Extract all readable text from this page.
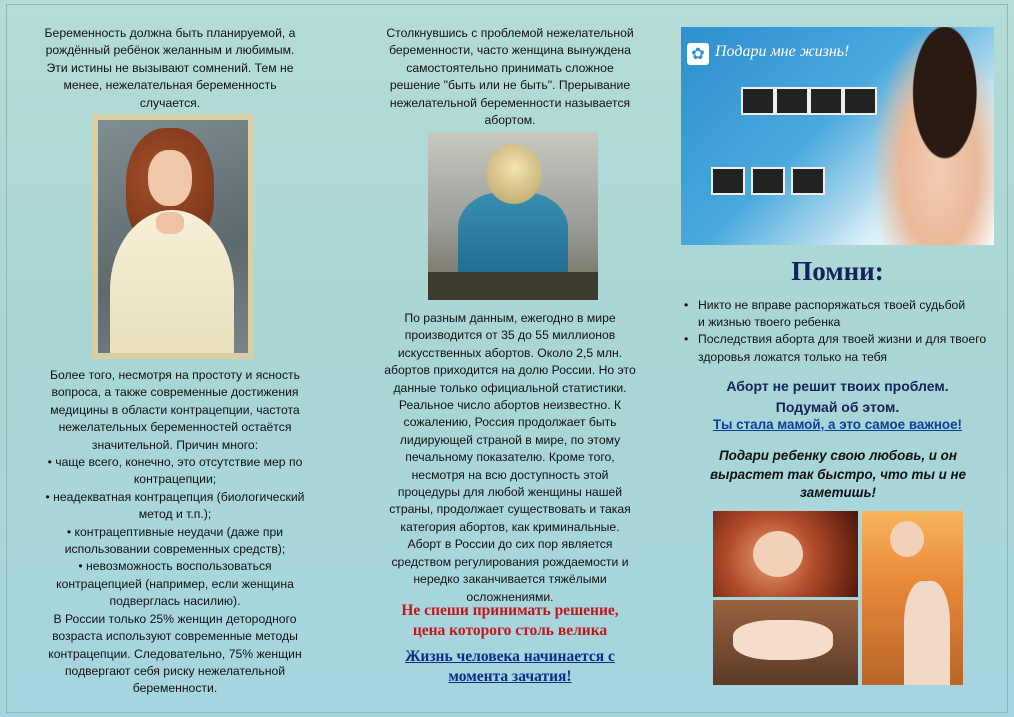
Беременность должна быть планируемой, а
рождённый ребёнок желанным и любимым.
Эти истины не вызывают сомнений. Тем не
менее, нежелательная беременность
случается.
Более того, несмотря на простоту и ясность
вопроса, а также современные достижения
медицины в области контрацепции, частота
нежелательных беременностей остаётся
значительной. Причин много:
• чаще всего, конечно, это отсутствие мер по
контрацепции;
• неадекватная контрацепция (биологический
метод и т.п.);
• контрацептивные неудачи (даже при
использовании современных средств);
• невозможность воспользоваться
контрацепцией (например, если женщина
подверглась насилию).
В России только 25% женщин детородного
возраста используют современные методы
контрацепции. Следовательно, 75% женщин
подвергают себя риску нежелательной
беременности.
Столкнувшись с проблемой нежелательной
беременности, часто женщина вынуждена
самостоятельно принимать сложное
решение "быть или не быть". Прерывание
нежелательной беременности называется
абортом.
По разным данным, ежегодно в мире
производится от 35 до 55 миллионов
искусственных абортов. Около 2,5 млн.
абортов приходится на долю России. Но это
данные только официальной статистики.
Реальное число абортов неизвестно. К
сожалению, Россия продолжает быть
лидирующей страной в мире, по этому
печальному показателю. Кроме того,
несмотря на всю доступность этой
процедуры для любой женщины нашей
страны, продолжает существовать и такая
категория абортов, как криминальные.
Аборт в России до сих пор является
средством регулирования рождаемости и
нередко заканчивается тяжёлыми
осложнениями.
Не спеши принимать решение,
цена которого столь велика
Жизнь человека начинается с
момента зачатия!
✿ Подари мне жизнь!
Помни:
• Никто не вправе распоряжаться твоей судьбой
и жизнью твоего ребенка
• Последствия аборта для твоей жизни и для твоего
здоровья ложатся только на тебя
Аборт не решит твоих проблем.
Подумай об этом.
Ты стала мамой, а это самое важное!
Подари ребенку свою любовь, и он
вырастет так быстро, что ты и не
заметишь!
